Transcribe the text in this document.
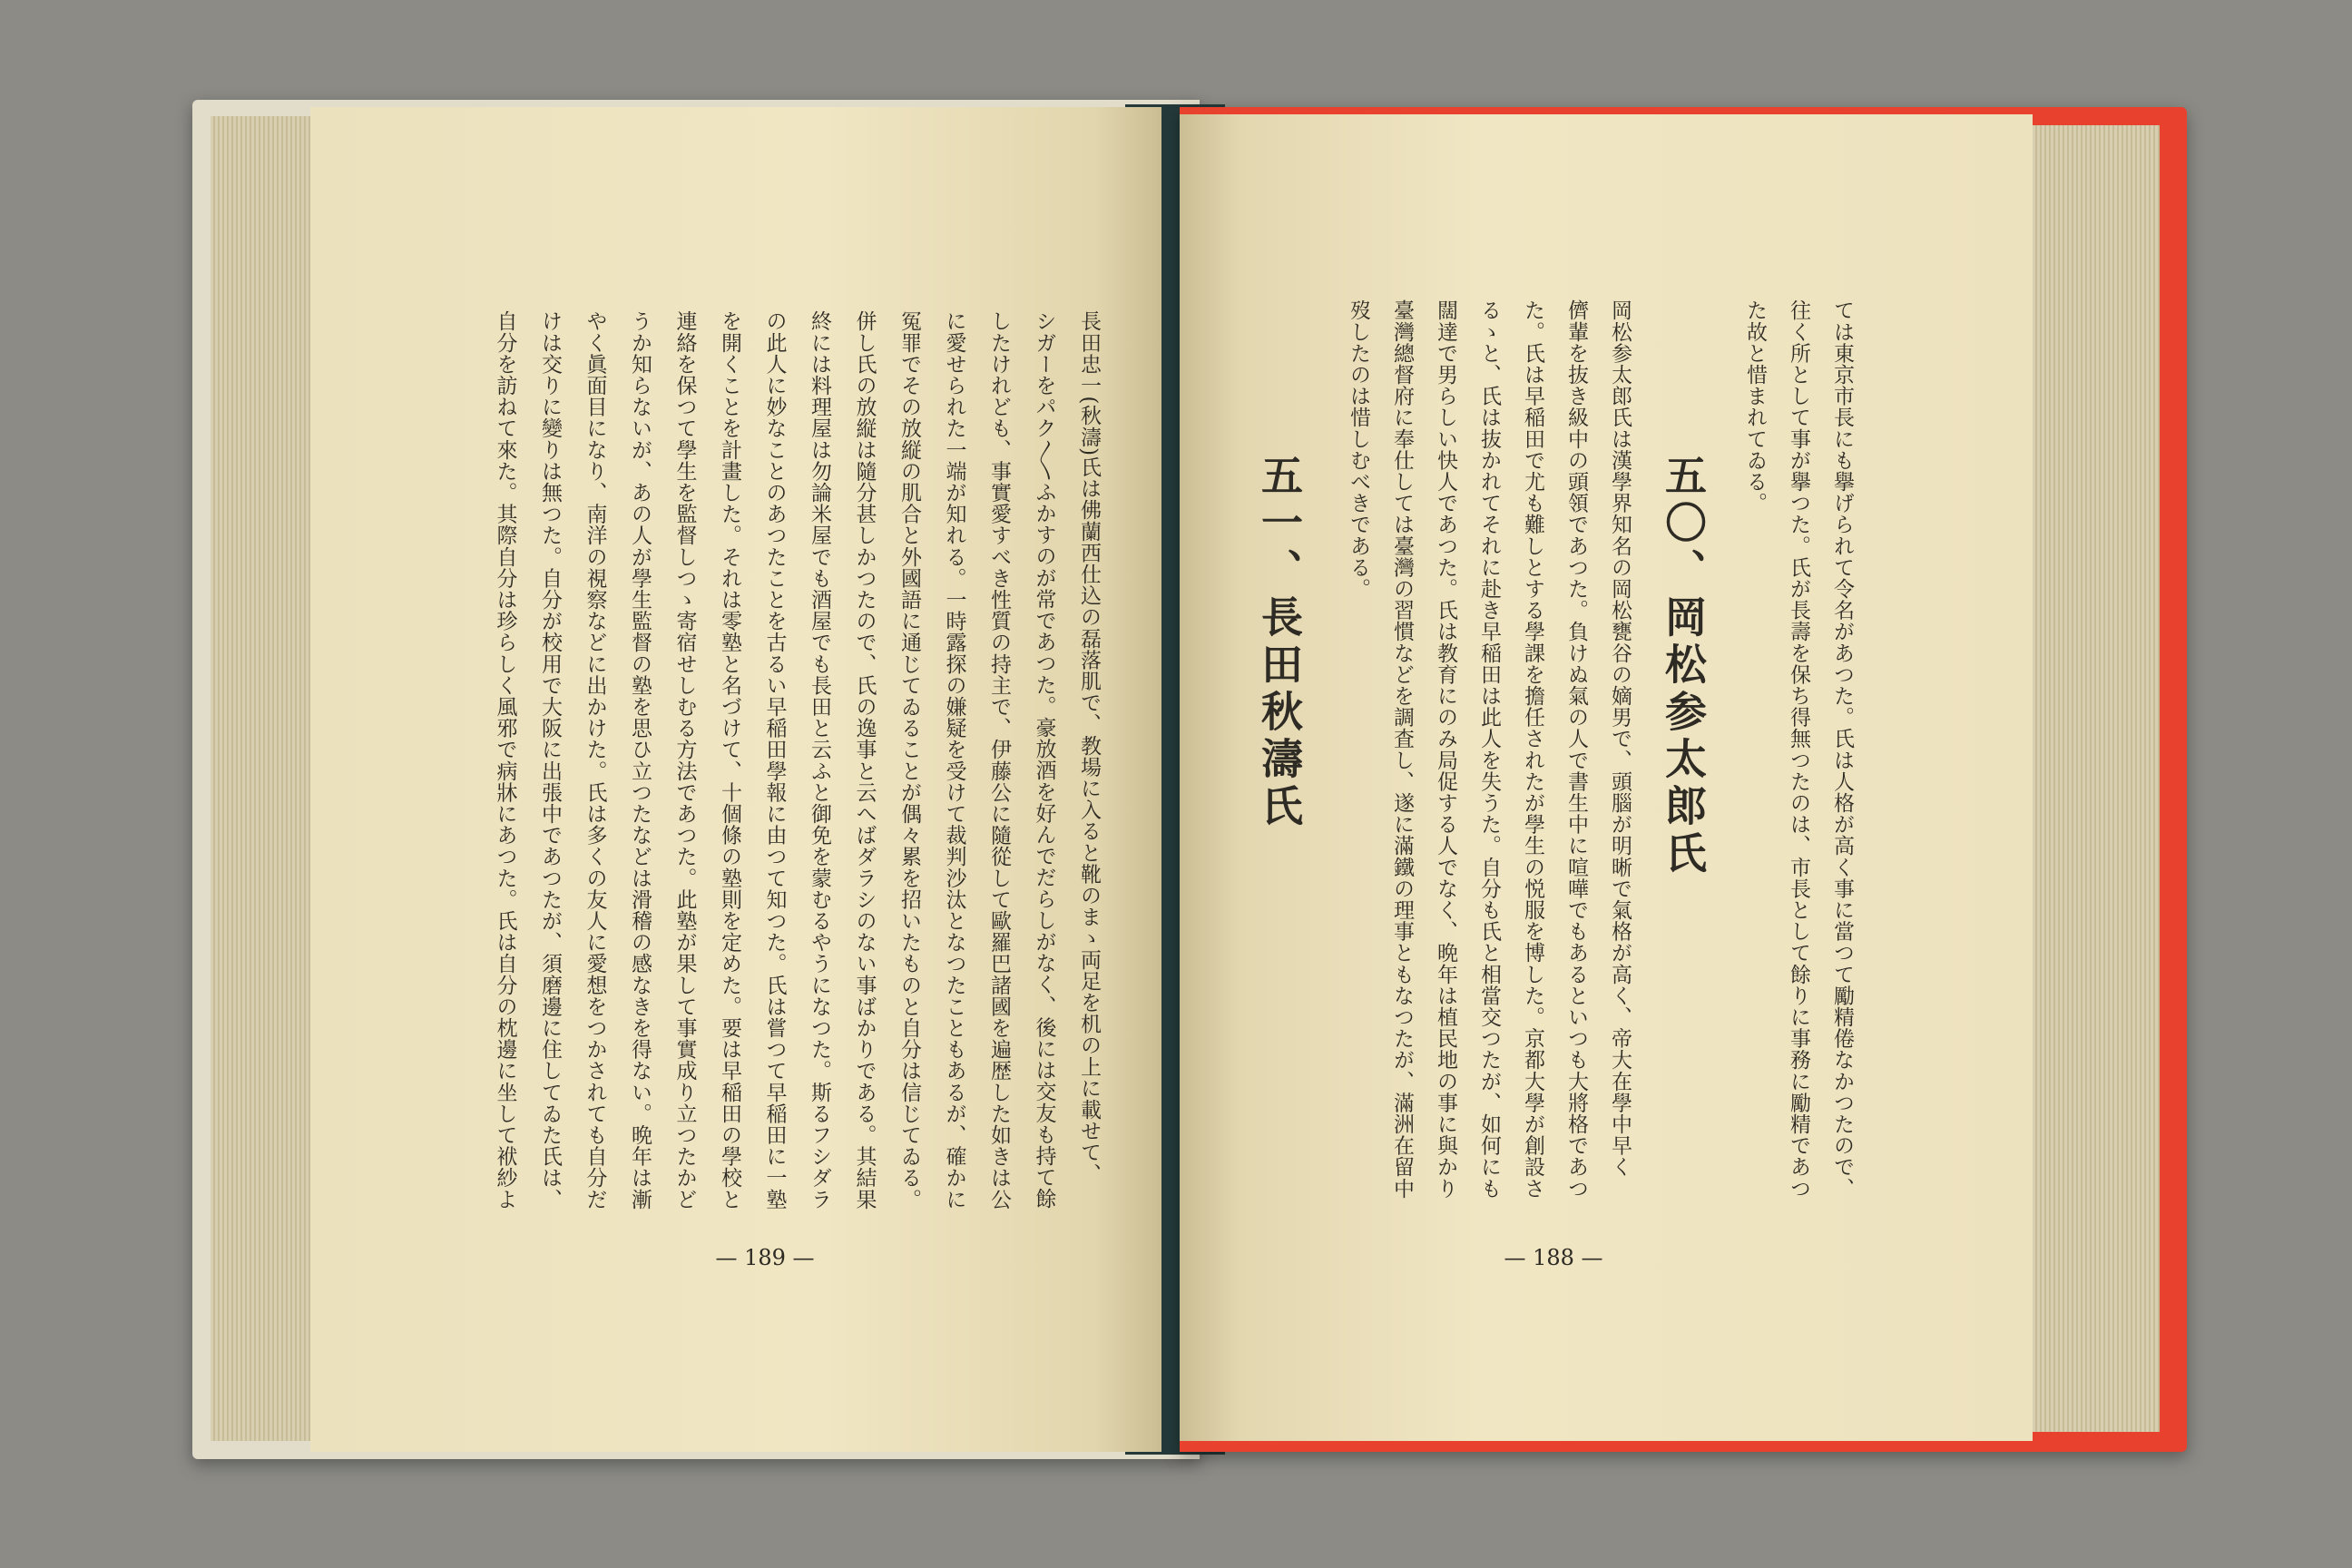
長田忠一(秋濤)氏は佛蘭西仕込の磊落肌で、教場に入ると靴のまゝ両足を机の上に載せて、
シガーをパク〳〵ふかすのが常であつた。豪放酒を好んでだらしがなく、後には交友も持て餘
したけれども、事實愛すべき性質の持主で、伊藤公に隨從して歐羅巴諸國を遍歴した如きは公
に愛せられた一端が知れる。一時露探の嫌疑を受けて裁判沙汰となつたこともあるが、確かに
冤罪でその放縦の肌合と外國語に通じてゐることが偶々累を招いたものと自分は信じてゐる。
併し氏の放縦は隨分甚しかつたので、氏の逸事と云へばダラシのない事ばかりである。其結果
終には料理屋は勿論米屋でも酒屋でも長田と云ふと御免を蒙むるやうになつた。斯るフシダラ
の此人に妙なことのあつたことを古るい早稲田學報に由つて知つた。氏は嘗つて早稲田に一塾
を開くことを計畫した。それは零塾と名づけて、十個條の塾則を定めた。要は早稲田の學校と
連絡を保つて學生を監督しつゝ寄宿せしむる方法であつた。此塾が果して事實成り立つたかど
うか知らないが、あの人が學生監督の塾を思ひ立つたなどは滑稽の感なきを得ない。晩年は漸
やく眞面目になり、南洋の視察などに出かけた。氏は多くの友人に愛想をつかされても自分だ
けは交りに變りは無つた。自分が校用で大阪に出張中であつたが、須磨邊に住してゐた氏は、
自分を訪ねて來た。其際自分は珍らしく風邪で病牀にあつた。氏は自分の枕邊に坐して袱紗よ	ては東京市長にも擧げられて令名があつた。氏は人格が高く事に當つて勵精倦なかつたので、
往く所として事が擧つた。氏が長壽を保ち得無つたのは、市長として餘りに事務に勵精であつ
た故と惜まれてゐる。
岡松参太郎氏は漢學界知名の岡松甕谷の嫡男で、頭腦が明晰で氣格が高く、帝大在學中早く
儕輩を抜き級中の頭領であつた。負けぬ氣の人で書生中に喧嘩でもあるといつも大將格であつ
た。氏は早稲田で尤も難しとする學課を擔任されたが學生の悦服を博した。京都大學が創設さ
るゝと、氏は抜かれてそれに赴き早稲田は此人を失うた。自分も氏と相當交つたが、如何にも
闊達で男らしい快人であつた。氏は教育にのみ局促する人でなく、晩年は植民地の事に與かり
臺灣總督府に奉仕しては臺灣の習慣などを調査し、遂に滿鐵の理事ともなつたが、滿洲在留中
歿したのは惜しむべきである。
五〇、岡松参太郎氏
五一、長田秋濤氏
— 189 —	— 188 —
